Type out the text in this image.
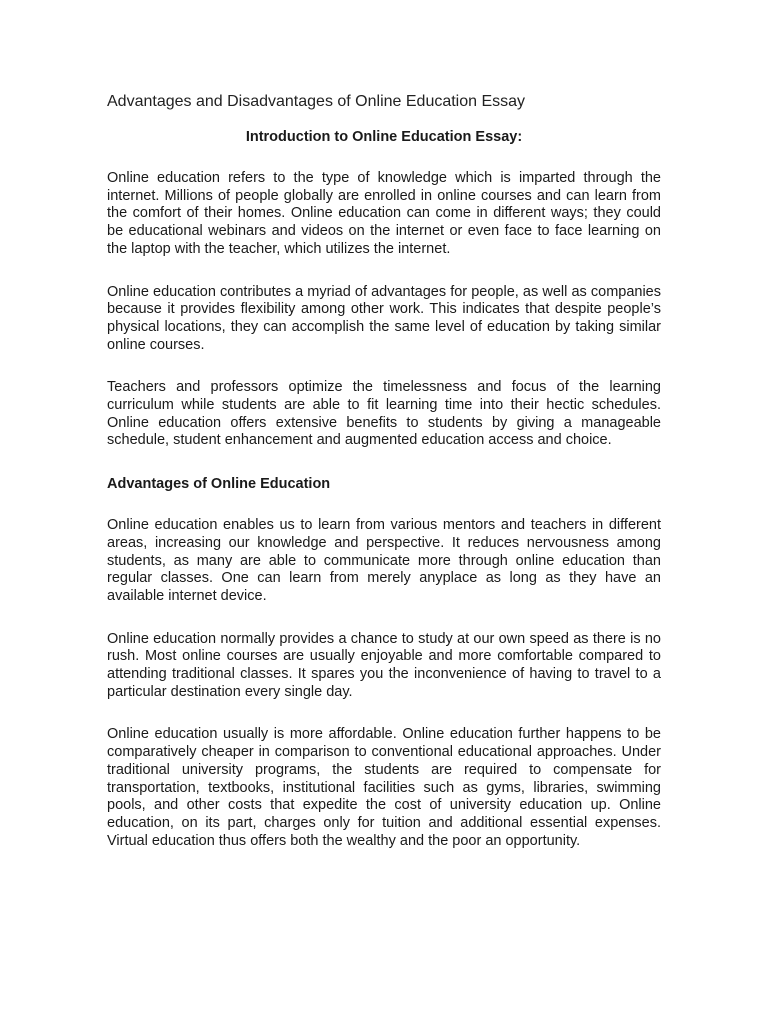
Advantages and Disadvantages of Online Education Essay
Introduction to Online Education Essay:

Online education refers to the type of knowledge which is imparted through the internet. Millions of people globally are enrolled in online courses and can learn from the comfort of their homes. Online education can come in different ways; they could be educational webinars and videos on the internet or even face to face learning on the laptop with the teacher, which utilizes the internet.

Online education contributes a myriad of advantages for people, as well as companies because it provides flexibility among other work. This indicates that despite people’s physical locations, they can accomplish the same level of education by taking similar online courses.

Teachers and professors optimize the timelessness and focus of the learning curriculum while students are able to fit learning time into their hectic schedules. Online education offers extensive benefits to students by giving a manageable schedule, student enhancement and augmented education access and choice.

Advantages of Online Education

Online education enables us to learn from various mentors and teachers in different areas, increasing our knowledge and perspective. It reduces nervousness among students, as many are able to communicate more through online education than regular classes. One can learn from merely anyplace as long as they have an available internet device.

Online education normally provides a chance to study at our own speed as there is no rush. Most online courses are usually enjoyable and more comfortable compared to attending traditional classes. It spares you the inconvenience of having to travel to a particular destination every single day.

Online education usually is more affordable. Online education further happens to be comparatively cheaper in comparison to conventional educational approaches. Under traditional university programs, the students are required to compensate for transportation, textbooks, institutional facilities such as gyms, libraries, swimming pools, and other costs that expedite the cost of university education up. Online education, on its part, charges only for tuition and additional essential expenses. Virtual education thus offers both the wealthy and the poor an opportunity.
